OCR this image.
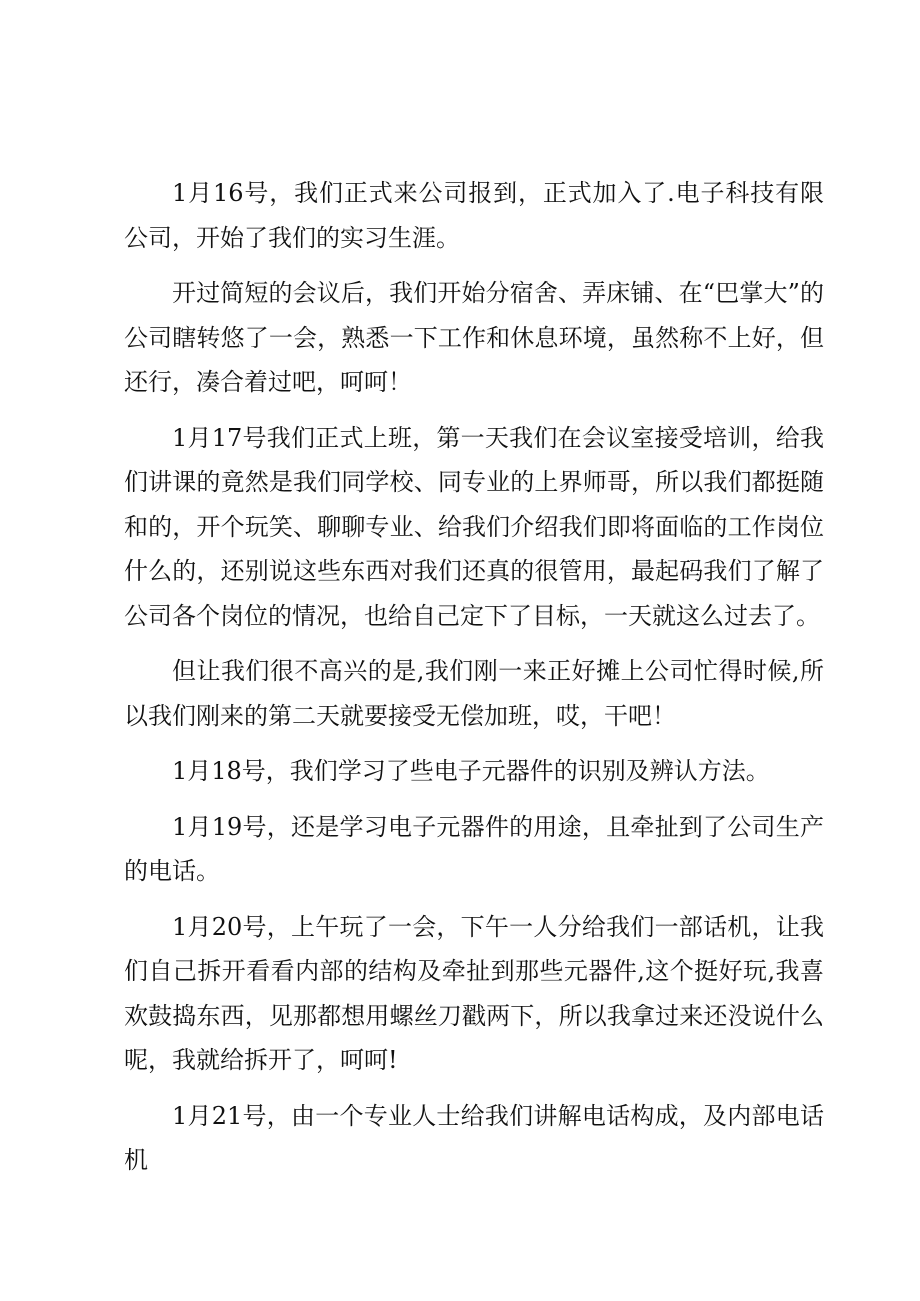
1月16号，我们正式来公司报到，正式加入了.电子科技有限公司，开始了我们的实习生涯。

开过简短的会议后，我们开始分宿舍、弄床铺、在“巴掌大”的公司瞎转悠了一会，熟悉一下工作和休息环境，虽然称不上好，但还行，凑合着过吧，呵呵！

1月17号我们正式上班，第一天我们在会议室接受培训，给我们讲课的竟然是我们同学校、同专业的上界师哥，所以我们都挺随和的，开个玩笑、聊聊专业、给我们介绍我们即将面临的工作岗位什么的，还别说这些东西对我们还真的很管用，最起码我们了解了公司各个岗位的情况，也给自己定下了目标，一天就这么过去了。

但让我们很不高兴的是,我们刚一来正好摊上公司忙得时候,所以我们刚来的第二天就要接受无偿加班，哎，干吧！

1月18号，我们学习了些电子元器件的识别及辨认方法。

1月19号，还是学习电子元器件的用途，且牵扯到了公司生产的电话。

1月20号，上午玩了一会，下午一人分给我们一部话机，让我们自己拆开看看内部的结构及牵扯到那些元器件,这个挺好玩,我喜欢鼓捣东西，见那都想用螺丝刀戳两下，所以我拿过来还没说什么呢，我就给拆开了，呵呵!

1月21号，由一个专业人士给我们讲解电话构成，及内部电话机
